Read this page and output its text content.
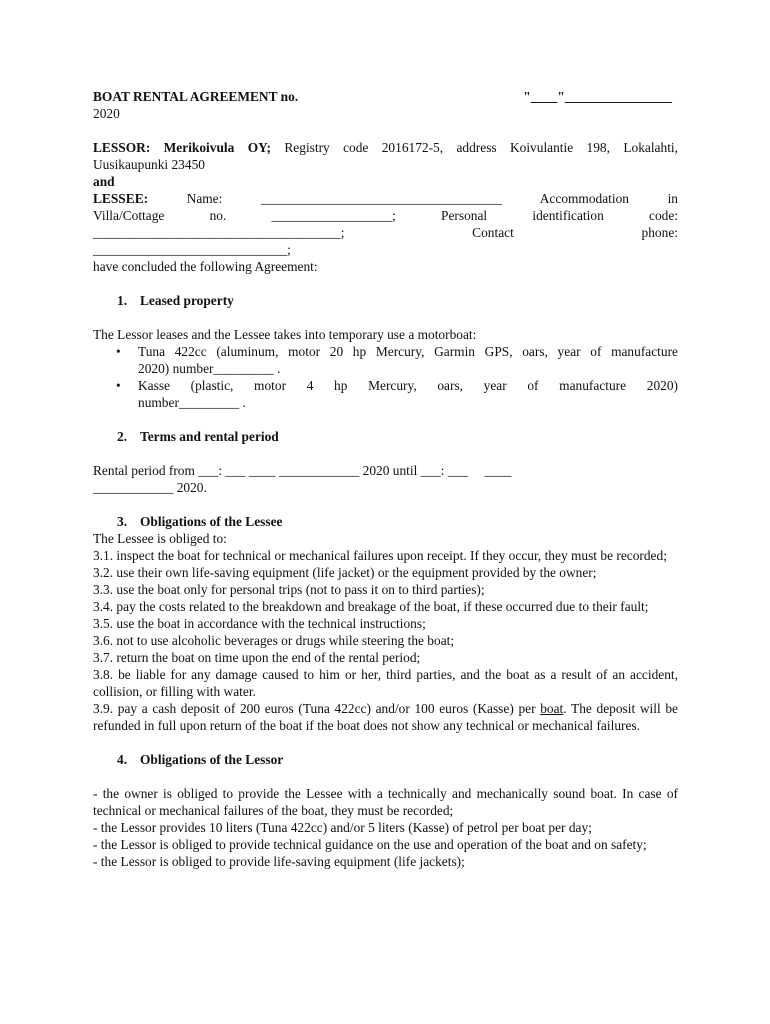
BOAT RENTAL AGREEMENT no.	"____"________________
2020
LESSOR: Merikoivula OY; Registry code 2016172-5, address Koivulantie 198, Lokalahti,
Uusikaupunki 23450
and
LESSEE:	Name: ____________________________________ Accommodation in
Villa/Cottage no. __________________; Personal identification code:
_____________________________________; Contact phone:
_____________________________;
have concluded the following Agreement:
1. Leased property
The Lessor leases and the Lessee takes into temporary use a motorboat:
• Tuna 422cc (aluminum, motor 20 hp Mercury, Garmin GPS, oars, year of manufacture
2020) number_________ .
• Kasse (plastic, motor 4 hp Mercury, oars, year of manufacture 2020)
number_________ .
2. Terms and rental period
Rental period from ___: ___ ____ ____________ 2020 until ___: ___     ____
____________ 2020.
3. Obligations of the Lessee
The Lessee is obliged to:
3.1. inspect the boat for technical or mechanical failures upon receipt. If they occur, they must be recorded;
3.2. use their own life-saving equipment (life jacket) or the equipment provided by the owner;
3.3. use the boat only for personal trips (not to pass it on to third parties);
3.4. pay the costs related to the breakdown and breakage of the boat, if these occurred due to their fault;
3.5. use the boat in accordance with the technical instructions;
3.6. not to use alcoholic beverages or drugs while steering the boat;
3.7. return the boat on time upon the end of the rental period;
3.8. be liable for any damage caused to him or her, third parties, and the boat as a result of an accident, collision, or filling with water.
3.9. pay a cash deposit of 200 euros (Tuna 422cc) and/or 100 euros (Kasse) per boat. The deposit will be refunded in full upon return of the boat if the boat does not show any technical or mechanical failures.
4. Obligations of the Lessor
- the owner is obliged to provide the Lessee with a technically and mechanically sound boat. In case of technical or mechanical failures of the boat, they must be recorded;
- the Lessor provides 10 liters (Tuna 422cc) and/or 5 liters (Kasse) of petrol per boat per day;
- the Lessor is obliged to provide technical guidance on the use and operation of the boat and on safety;
- the Lessor is obliged to provide life-saving equipment (life jackets);
